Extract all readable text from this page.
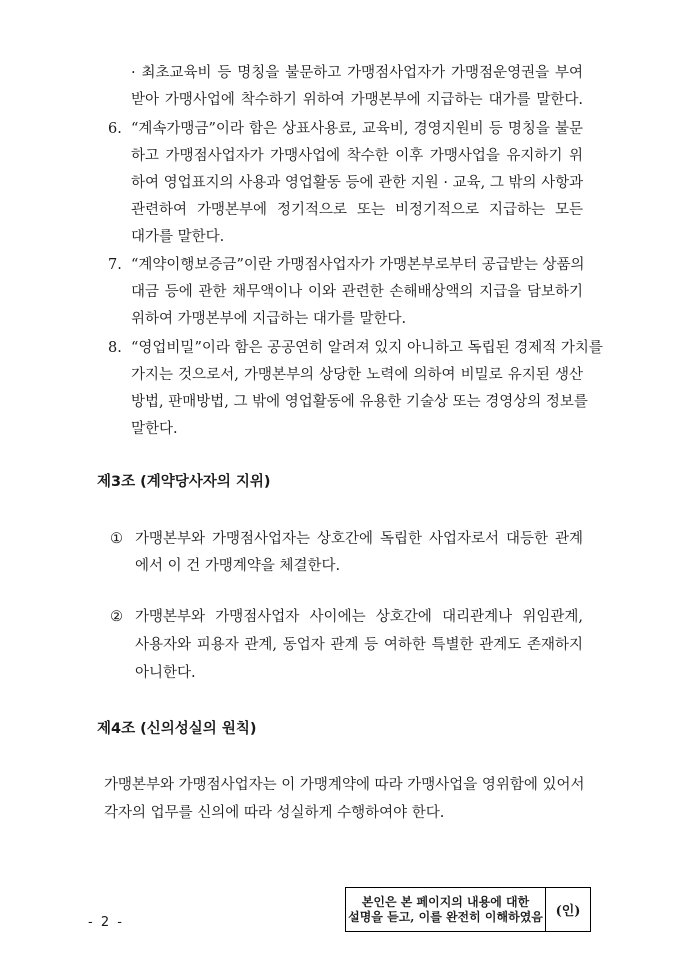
· 최초교육비 등 명칭을 불문하고 가맹점사업자가 가맹점운영권을 부여
받아 가맹사업에 착수하기 위하여 가맹본부에 지급하는 대가를 말한다.
6. “계속가맹금”이라 함은 상표사용료, 교육비, 경영지원비 등 명칭을 불문
하고 가맹점사업자가 가맹사업에 착수한 이후 가맹사업을 유지하기 위
하여 영업표지의 사용과 영업활동 등에 관한 지원 · 교육, 그 밖의 사항과
관련하여 가맹본부에 정기적으로 또는 비정기적으로 지급하는 모든
대가를 말한다.
7. “계약이행보증금”이란 가맹점사업자가 가맹본부로부터 공급받는 상품의
대금 등에 관한 채무액이나 이와 관련한 손해배상액의 지급을 담보하기
위하여 가맹본부에 지급하는 대가를 말한다.
8. “영업비밀”이라 함은 공공연히 알려져 있지 아니하고 독립된 경제적 가치를
가지는 것으로서, 가맹본부의 상당한 노력에 의하여 비밀로 유지된 생산
방법, 판매방법, 그 밖에 영업활동에 유용한 기술상 또는 경영상의 정보를
말한다.
제3조 (계약당사자의 지위)
① 가맹본부와 가맹점사업자는 상호간에 독립한 사업자로서 대등한 관계
에서 이 건 가맹계약을 체결한다.
② 가맹본부와 가맹점사업자 사이에는 상호간에 대리관계나 위임관계,
사용자와 피용자 관계, 동업자 관계 등 여하한 특별한 관계도 존재하지
아니한다.
제4조 (신의성실의 원칙)
가맹본부와 가맹점사업자는 이 가맹계약에 따라 가맹사업을 영위함에 있어서
각자의 업무를 신의에 따라 성실하게 수행하여야 한다.
- 2 -
본인은 본 페이지의 내용에 대한
설명을 듣고, 이를 완전히 이해하였음 (인)
